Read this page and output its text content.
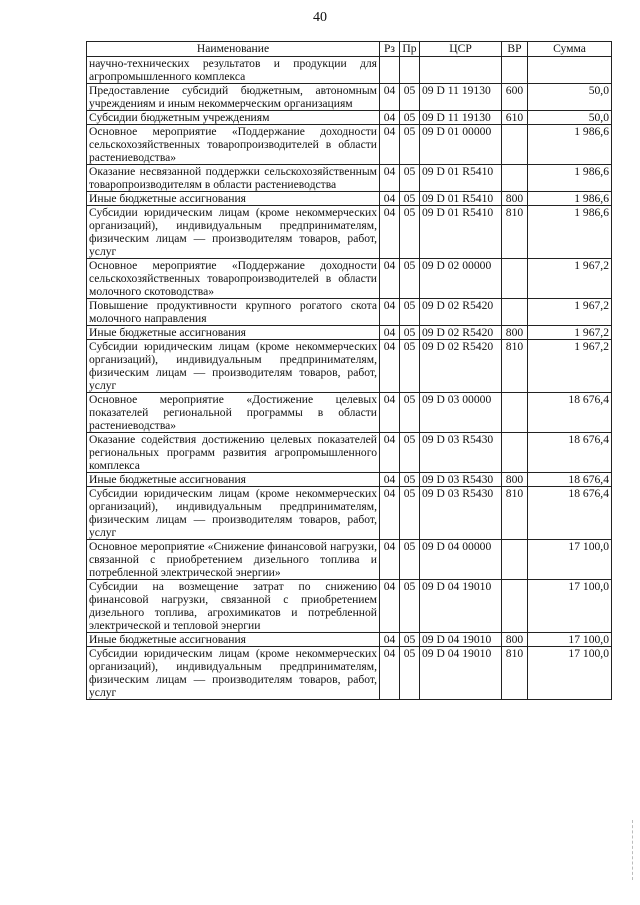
40
Наименование	Рз	Пр	ЦСР	ВР	Сумма
научно-технических результатов и продукции для агропромышленного комплекса					
Предоставление субсидий бюджетным, автономным учреждениям и иным некоммерческим организациям	04	05	09 D 11 19130	600	50,0
Субсидии бюджетным учреждениям	04	05	09 D 11 19130	610	50,0
Основное мероприятие «Поддержание доходности сельскохозяйственных товаропроизводителей в области растениеводства»	04	05	09 D 01 00000		1 986,6
Оказание несвязанной поддержки сельскохозяйственным товаропроизводителям в области растениеводства	04	05	09 D 01 R5410		1 986,6
Иные бюджетные ассигнования	04	05	09 D 01 R5410	800	1 986,6
Субсидии юридическим лицам (кроме некоммерческих организаций), индивидуальным предпринимателям, физическим лицам — производителям товаров, работ, услуг	04	05	09 D 01 R5410	810	1 986,6
Основное мероприятие «Поддержание доходности сельскохозяйственных товаропроизводителей в области молочного скотоводства»	04	05	09 D 02 00000		1 967,2
Повышение продуктивности крупного рогатого скота молочного направления	04	05	09 D 02 R5420		1 967,2
Иные бюджетные ассигнования	04	05	09 D 02 R5420	800	1 967,2
Субсидии юридическим лицам (кроме некоммерческих организаций), индивидуальным предпринимателям, физическим лицам — производителям товаров, работ, услуг	04	05	09 D 02 R5420	810	1 967,2
Основное мероприятие «Достижение целевых показателей региональной программы в области растениеводства»	04	05	09 D 03 00000		18 676,4
Оказание содействия достижению целевых показателей региональных программ развития агропромышленного комплекса	04	05	09 D 03 R5430		18 676,4
Иные бюджетные ассигнования	04	05	09 D 03 R5430	800	18 676,4
Субсидии юридическим лицам (кроме некоммерческих организаций), индивидуальным предпринимателям, физическим лицам — производителям товаров, работ, услуг	04	05	09 D 03 R5430	810	18 676,4
Основное мероприятие «Снижение финансовой нагрузки, связанной с приобретением дизельного топлива и потребленной электрической энергии»	04	05	09 D 04 00000		17 100,0
Субсидии на возмещение затрат по снижению финансовой нагрузки, связанной с приобретением дизельного топлива, агрохимикатов и потребленной электрической и тепловой энергии	04	05	09 D 04 19010		17 100,0
Иные бюджетные ассигнования	04	05	09 D 04 19010	800	17 100,0
Субсидии юридическим лицам (кроме некоммерческих организаций), индивидуальным предпринимателям, физическим лицам — производителям товаров, работ, услуг	04	05	09 D 04 19010	810	17 100,0
